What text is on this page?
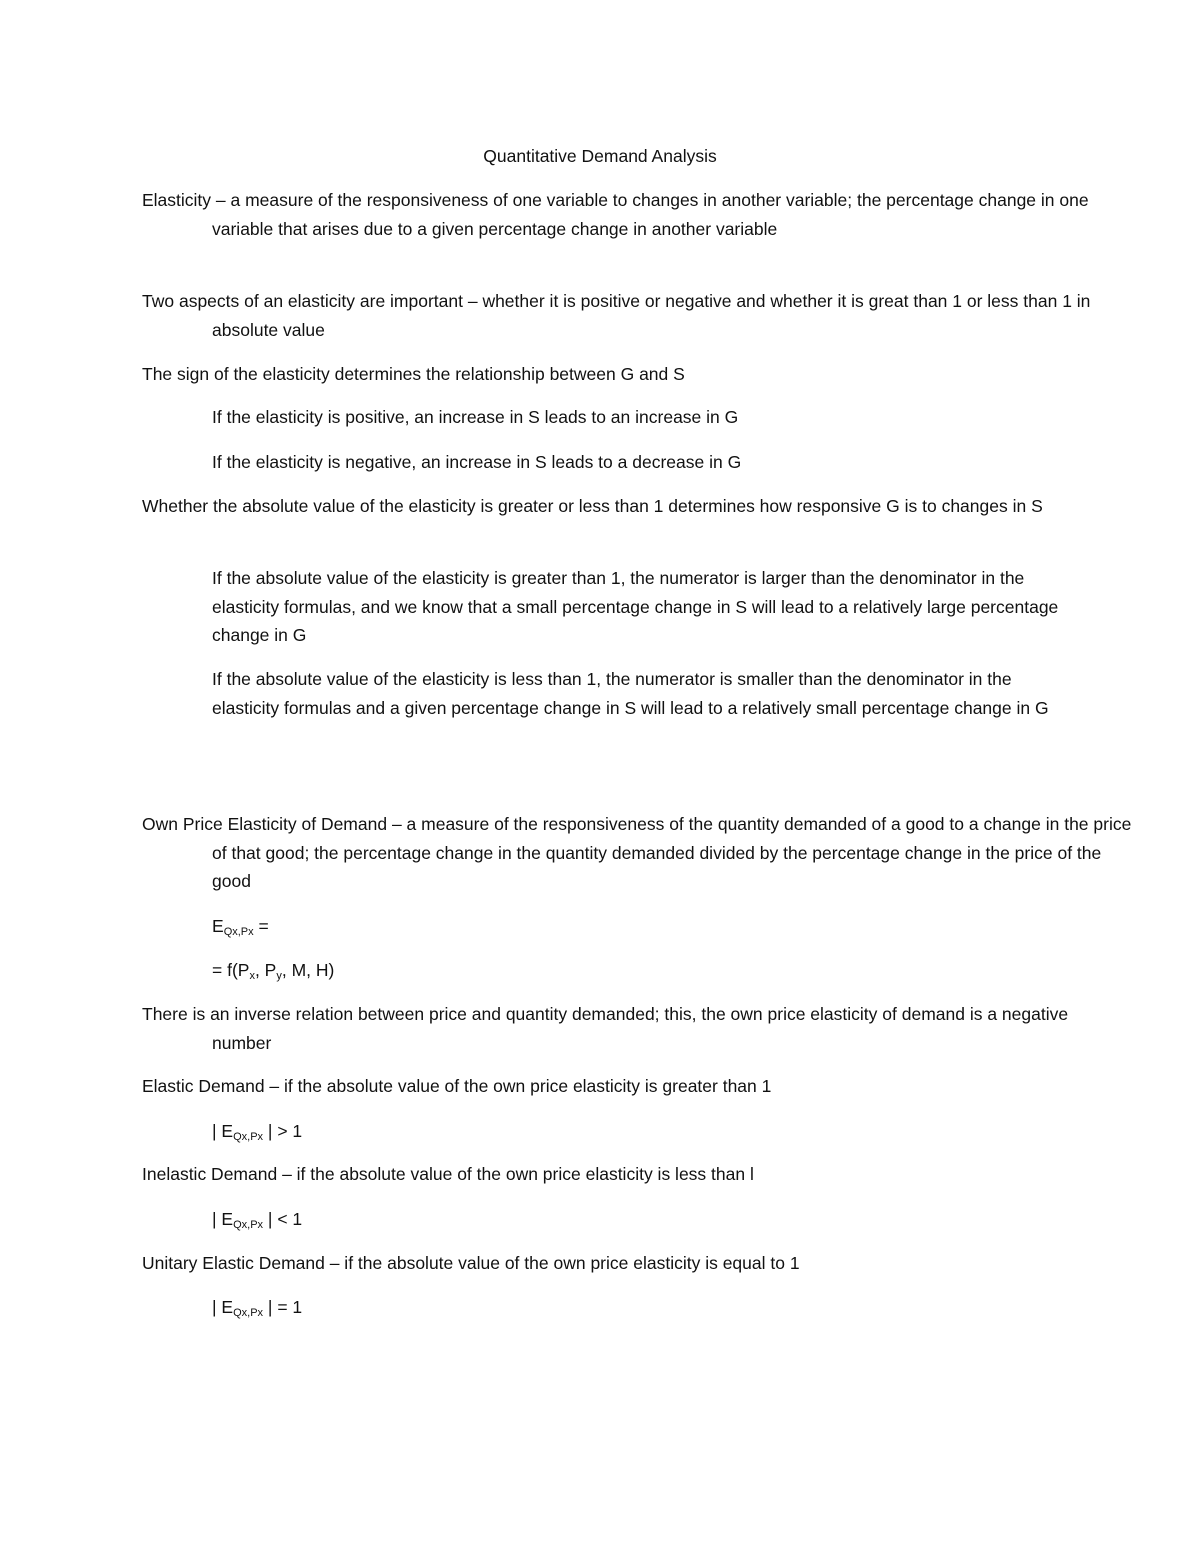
Quantitative Demand Analysis
Elasticity – a measure of the responsiveness of one variable to changes in another variable; the percentage change in one variable that arises due to a given percentage change in another variable
Two aspects of an elasticity are important – whether it is positive or negative and whether it is great than 1 or less than 1 in absolute value
The sign of the elasticity determines the relationship between G and S
If the elasticity is positive, an increase in S leads to an increase in G
If the elasticity is negative, an increase in S leads to a decrease in G
Whether the absolute value of the elasticity is greater or less than 1 determines how responsive G is to changes in S
If the absolute value of the elasticity is greater than 1, the numerator is larger than the denominator in the elasticity formulas, and we know that a small percentage change in S will lead to a relatively large percentage change in G
If the absolute value of the elasticity is less than 1, the numerator is smaller than the denominator in the elasticity formulas and a given percentage change in S will lead to a relatively small percentage change in G
Own Price Elasticity of Demand – a measure of the responsiveness of the quantity demanded of a good to a change in the price of that good; the percentage change in the quantity demanded divided by the percentage change in the price of the good
$E_{Qx,Px}$ =
= $f(P_x$, $P_y$, M, H)
There is an inverse relation between price and quantity demanded; this, the own price elasticity of demand is a negative number
Elastic Demand – if the absolute value of the own price elasticity is greater than 1
| $E_{Qx,Px}$ | > 1
Inelastic Demand – if the absolute value of the own price elasticity is less than l
| $E_{Qx,Px}$ | < 1
Unitary Elastic Demand – if the absolute value of the own price elasticity is equal to 1
| $E_{Qx,Px}$ | = 1
